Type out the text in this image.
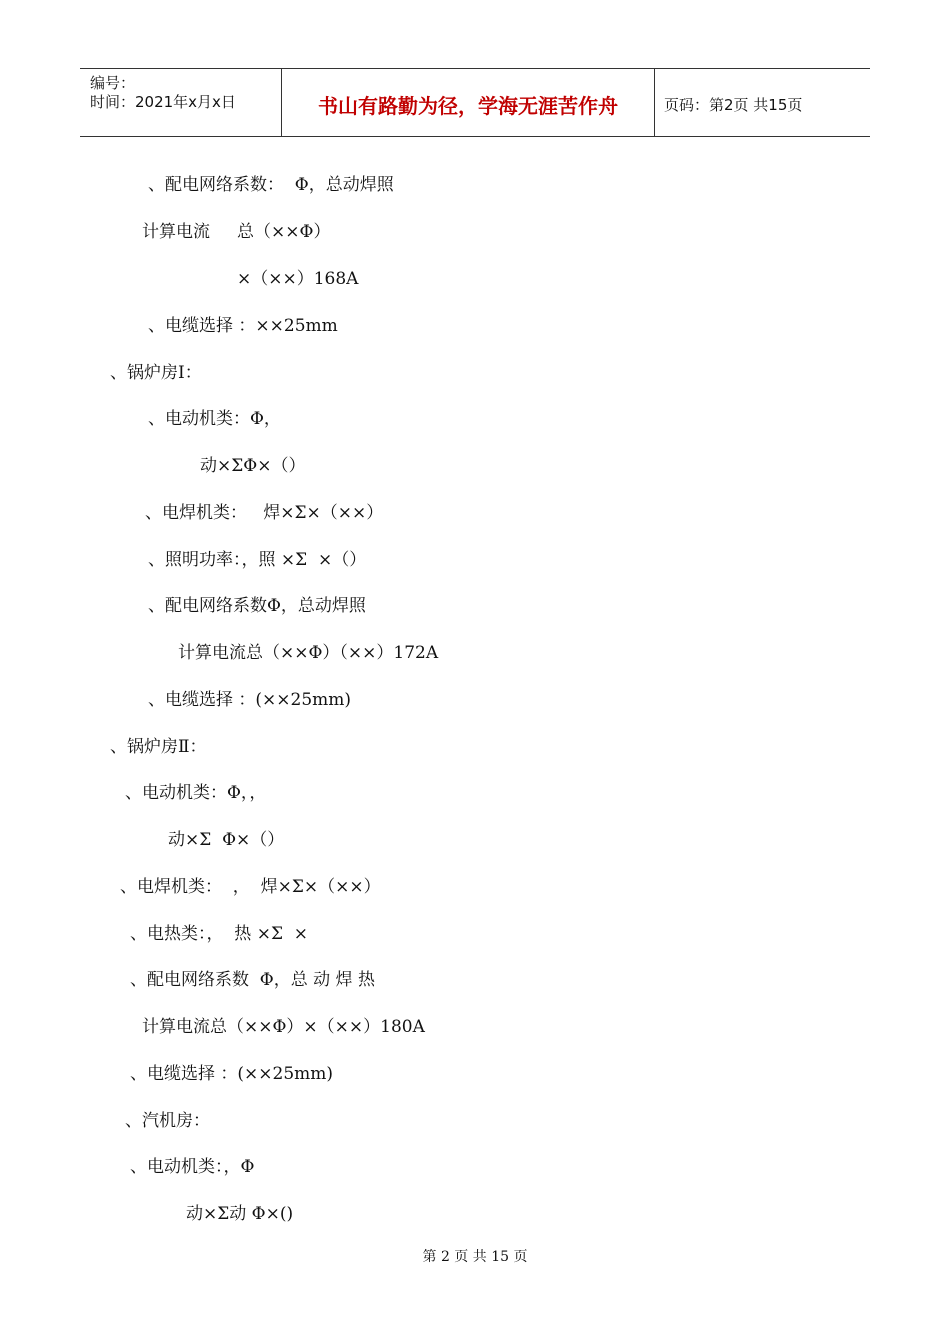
编号：
时间：2021年x月x日	书山有路勤为径，学海无涯苦作舟	页码：第2页 共15页
、配电网络系数：  Φ，总动焊照
计算电流     总（××Φ）
×（××）168A
、电缆选择 ：××25mm
、锅炉房Ⅰ：
、电动机类：Φ，
动×ΣΦ×（）
、电焊机类：   焊×Σ×（××）
、照明功率：，照 ×Σ  ×（）
、配电网络系数Φ，总动焊照
计算电流总（××Φ）（××）172A
、电缆选择 ：(××25mm)
、锅炉房Ⅱ：
、电动机类：Φ，，
动×Σ  Φ×（）
、电焊机类：  ，  焊×Σ×（××）
、电热类：，  热 ×Σ  ×
、配电网络系数  Φ，总 动 焊 热
计算电流总（××Φ）×（××）180A
、电缆选择 ：(××25mm)
、汽机房：
、电动机类：，Φ
动×Σ动 Φ×()
第 2 页 共 15 页
